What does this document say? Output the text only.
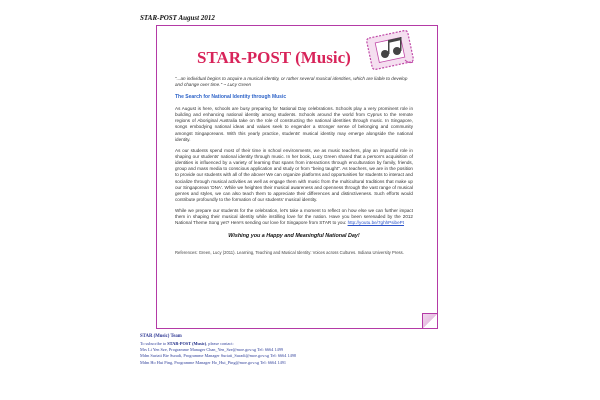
STAR-POST August 2012
STAR-POST (Music)

"...an individual begins to acquire a musical identity, or rather several musical identities, which are liable to develop and change over time." ~ Lucy Green

The Search for National Identity through Music

As August is here, schools are busy preparing for National Day celebrations. Schools play a very prominent role in building and enhancing national identity among students. Schools around the world from Cyprus to the remote regions of Aboriginal Australia take on the role of constructing the national identities through music. In Singapore, songs embodying national ideas and values seek to engender a stronger sense of belonging and community amongst Singaporeans. With this yearly practice, students' musical identity may emerge alongside the national identity.

As our students spend most of their time in school environments, we as music teachers, play an impactful role in shaping our students' national identity through music. In her book, Lucy Green shared that a person's acquisition of identities is influenced by a variety of learning that spans from interactions through enculturation by family, friends, group and mass media to conscious application and study or from "being taught". As teachers, we are in the position to provide our students with all of the above! We can organize platforms and opportunities for students to interact and socialize through musical activities as well as engage them with music from the multicultural traditions that make up our Singaporean 'DNA'. While we heighten their musical awareness and openness through the vast range of musical genres and styles, we can also teach them to appreciate their differences and distinctiveness. Such efforts would contribute profoundly to the formation of our students' musical identity.

While we prepare our students for the celebration, let's take a moment to reflect on how else we can further impact them in shaping their musical identity while instilling love for the nation. Have you been serenaded by the 2012 National Theme Song yet? Here's sending our love for Singapore from STAR to you: http://youtu.be/7ghhPsibePt

Wishing you a Happy and Meaningful National Day!

References: Green, Lucy (2011). Learning, Teaching and Musical Identity: Voices across Cultures. Indiana University Press.

STAR (Music) Team
To subscribe to STAR-POST (Music), please contact:
Mrs Li Yen Sze, Programme Manager Chan_Yen_Sze@moe.gov.sg Tel: 6664 1499
Mdm Suriati Bte Suradi, Programme Manager Suriati_Suradi@moe.gov.sg Tel: 6664 1498
Mdm Ho Hui Ping, Programme Manager Ho_Hui_Ping@moe.gov.sg Tel: 6664 1491
